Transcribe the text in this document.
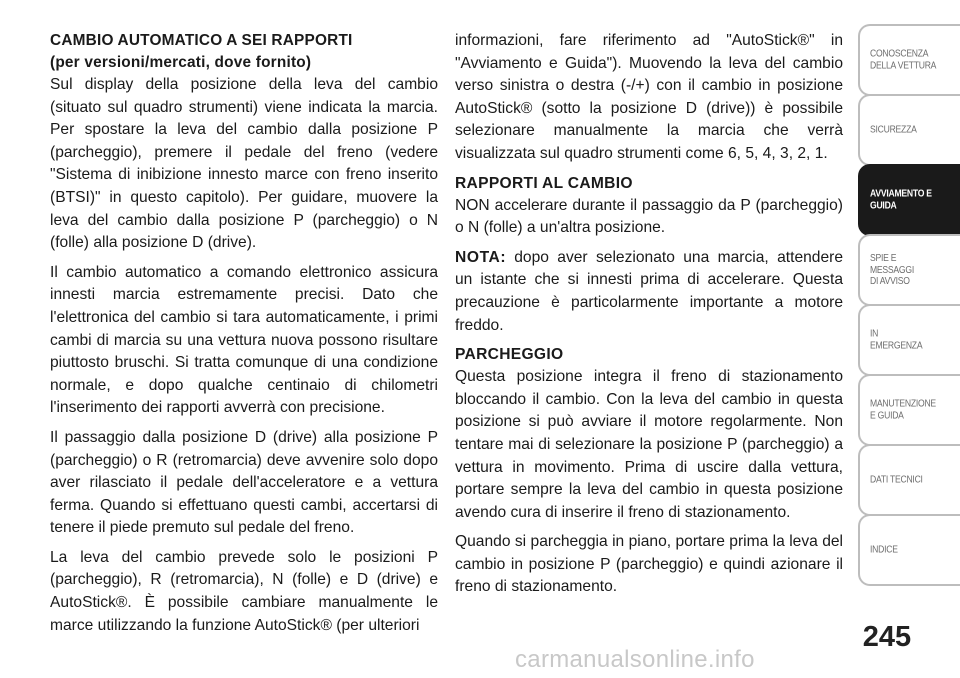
CAMBIO AUTOMATICO A SEI RAPPORTI
(per versioni/mercati, dove fornito)

Sul display della posizione della leva del cambio (situato sul quadro strumenti) viene indicata la marcia. Per spostare la leva del cambio dalla posizione P (parcheggio), premere il pedale del freno (vedere "Sistema di inibizione innesto marce con freno inserito (BTSI)" in questo capitolo). Per guidare, muovere la leva del cambio dalla posizione P (parcheggio) o N (folle) alla posizione D (drive).

Il cambio automatico a comando elettronico assicura innesti marcia estremamente precisi. Dato che l'elettronica del cambio si tara automaticamente, i primi cambi di marcia su una vettura nuova possono risultare piuttosto bruschi. Si tratta comunque di una condizione normale, e dopo qualche centinaio di chilometri l'inserimento dei rapporti avverrà con precisione.

Il passaggio dalla posizione D (drive) alla posizione P (parcheggio) o R (retromarcia) deve avvenire solo dopo aver rilasciato il pedale dell'acceleratore e a vettura ferma. Quando si effettuano questi cambi, accertarsi di tenere il piede premuto sul pedale del freno.

La leva del cambio prevede solo le posizioni P (parcheggio), R (retromarcia), N (folle) e D (drive) e AutoStick®. È possibile cambiare manualmente le marce utilizzando la funzione AutoStick® (per ulteriori

informazioni, fare riferimento ad "AutoStick®" in "Avviamento e Guida"). Muovendo la leva del cambio verso sinistra o destra (-/+) con il cambio in posizione AutoStick® (sotto la posizione D (drive)) è possibile selezionare manualmente la marcia che verrà visualizzata sul quadro strumenti come 6, 5, 4, 3, 2, 1.

RAPPORTI AL CAMBIO

NON accelerare durante il passaggio da P (parcheggio) o N (folle) a un'altra posizione.

NOTA: dopo aver selezionato una marcia, attendere un istante che si innesti prima di accelerare. Questa precauzione è particolarmente importante a motore freddo.

PARCHEGGIO

Questa posizione integra il freno di stazionamento bloccando il cambio. Con la leva del cambio in questa posizione si può avviare il motore regolarmente. Non tentare mai di selezionare la posizione P (parcheggio) a vettura in movimento. Prima di uscire dalla vettura, portare sempre la leva del cambio in questa posizione avendo cura di inserire il freno di stazionamento.

Quando si parcheggia in piano, portare prima la leva del cambio in posizione P (parcheggio) e quindi azionare il freno di stazionamento.

CONOSCENZA
DELLA VETTURA
SICUREZZA
AVVIAMENTO E
GUIDA
SPIE E
MESSAGGI
DI AVVISO
IN
EMERGENZA
MANUTENZIONE
E GUIDA
DATI TECNICI
INDICE
245
carmanualsonline.info
